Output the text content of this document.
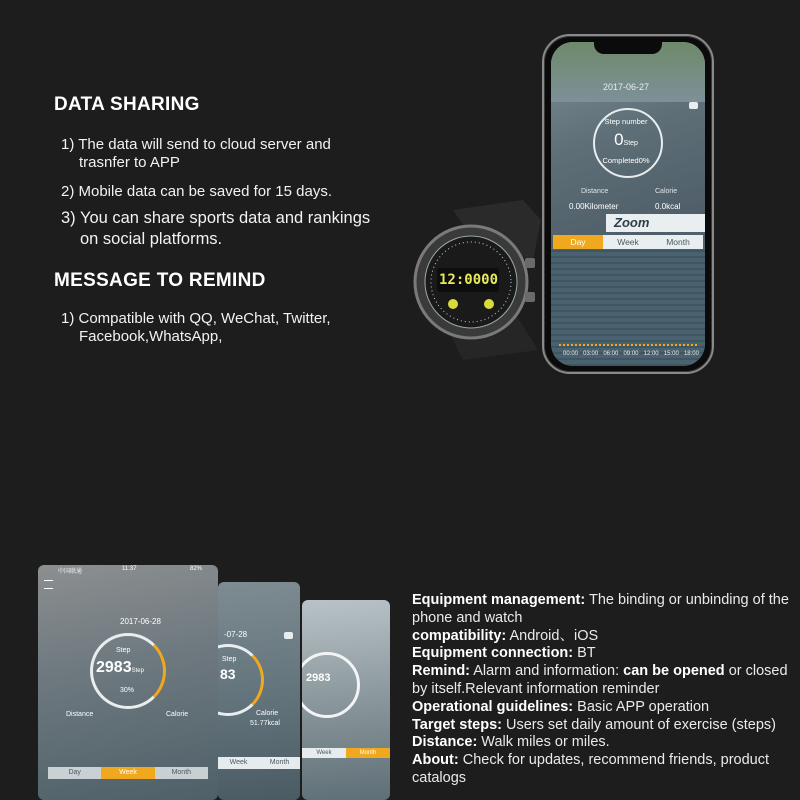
DATA SHARING
1) The data will send to cloud server and
trasnfer to APP
2) Mobile data can be saved for 15 days.
3) You can share sports data and rankings
on social platforms.
MESSAGE TO REMIND
1) Compatible with QQ, WeChat, Twitter,
Facebook,WhatsApp,
2017-06-27
Step number
0Step
Completed0%
Distance	Calorie
0.00Kilometer	0.0kcal
Zoom
Day	Week	Month
00:00 03:00 06:00 09:00 12:00 15:00 18:00
12:0000
中国联通	11:37	82%
2017-06-28
Step
2983Step
30%
Distance	Calorie
Day	Week	Month
-07-28
Step
83
Calorie
51.77kcal
Week	Month
2983
Week	Month

Equipment management: The binding or unbinding of the phone and watch

compatibility: Android、iOS

Equipment connection: BT

Remind: Alarm and information: can be opened or closed by itself.Relevant information reminder

Operational guidelines: Basic APP operation

Target steps: Users set daily amount of exercise (steps)

Distance: Walk miles or miles.

About: Check for updates, recommend friends, product catalogs
